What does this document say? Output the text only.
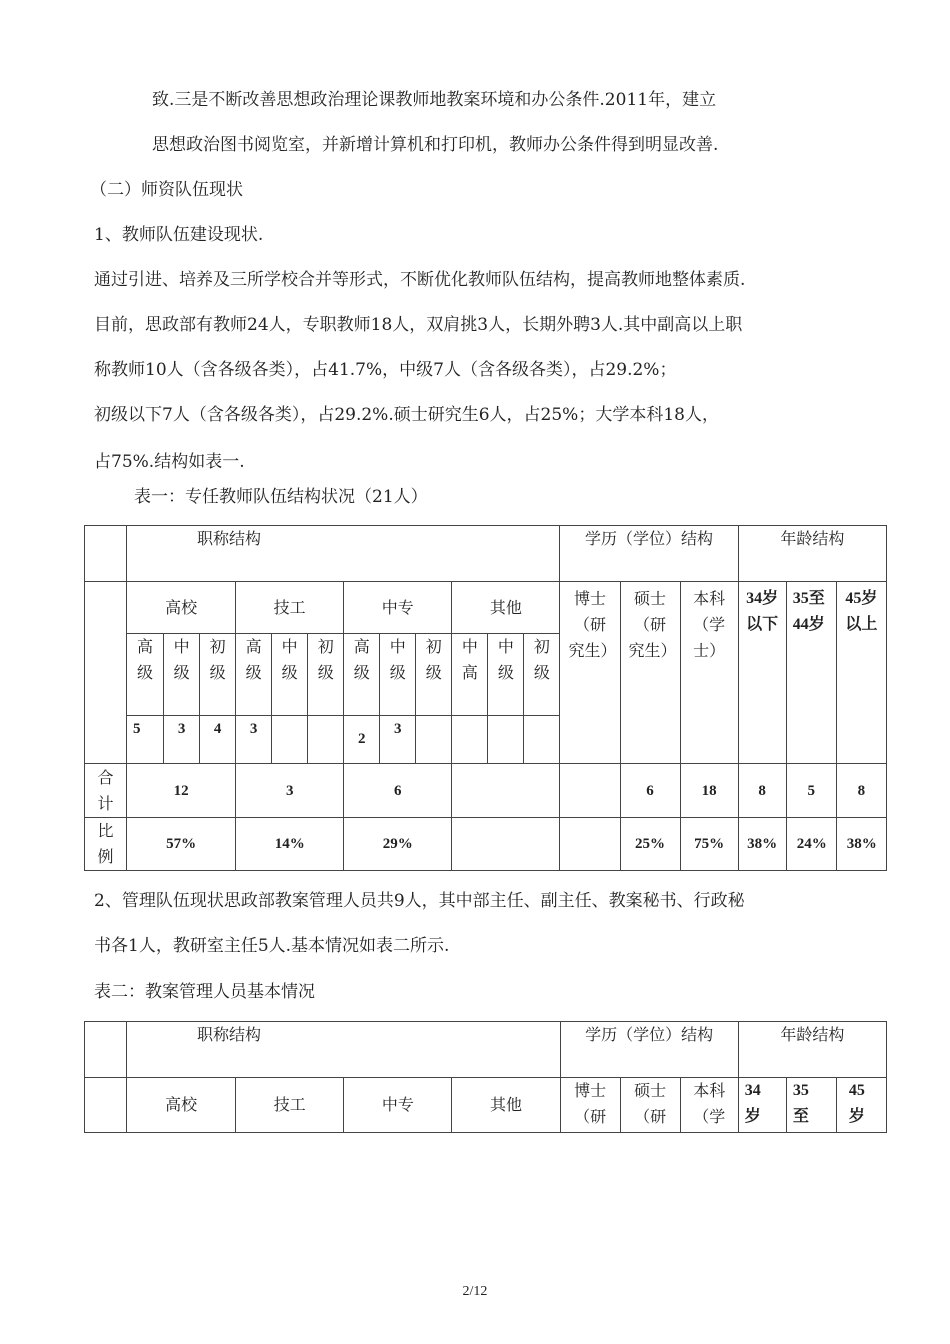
致.三是不断改善思想政治理论课教师地教案环境和办公条件.2011年，建立
思想政治图书阅览室，并新增计算机和打印机，教师办公条件得到明显改善.
（二）师资队伍现状
1、教师队伍建设现状.
通过引进、培养及三所学校合并等形式，不断优化教师队伍结构，提高教师地整体素质.
目前，思政部有教师24人，专职教师18人，双肩挑3人，长期外聘3人.其中副高以上职
称教师10人（含各级各类），占41.7%，中级7人（含各级各类），占29.2%；
初级以下7人（含各级各类），占29.2%.硕士研究生6人，占25%；大学本科18人，
占75%.结构如表一.
表一：专任教师队伍结构状况（21人）
	职称结构												学历（学位）结构			年龄结构		
	高校			技工			中专			其他			博士（研究生）	硕士（研究生）	本科（学士）	34岁以下	35至44岁	45岁以上
	高级	中级	初级	高级	中级	初级	高级	中级	初级	中高	中级	初级						
	5	3	4	3			2	3										
合计	12			3			6							6	18	8	5	8
比例	57%			14%			29%							25%	75%	38%	24%	38%
2、管理队伍现状思政部教案管理人员共9人，其中部主任、副主任、教案秘书、行政秘
书各1人，教研室主任5人.基本情况如表二所示.
表二：教案管理人员基本情况
	职称结构				学历（学位）结构			年龄结构		
	高校	技工	中专	其他	博士（研	硕士（研	本科（学	34岁	35至	45岁
2/12
